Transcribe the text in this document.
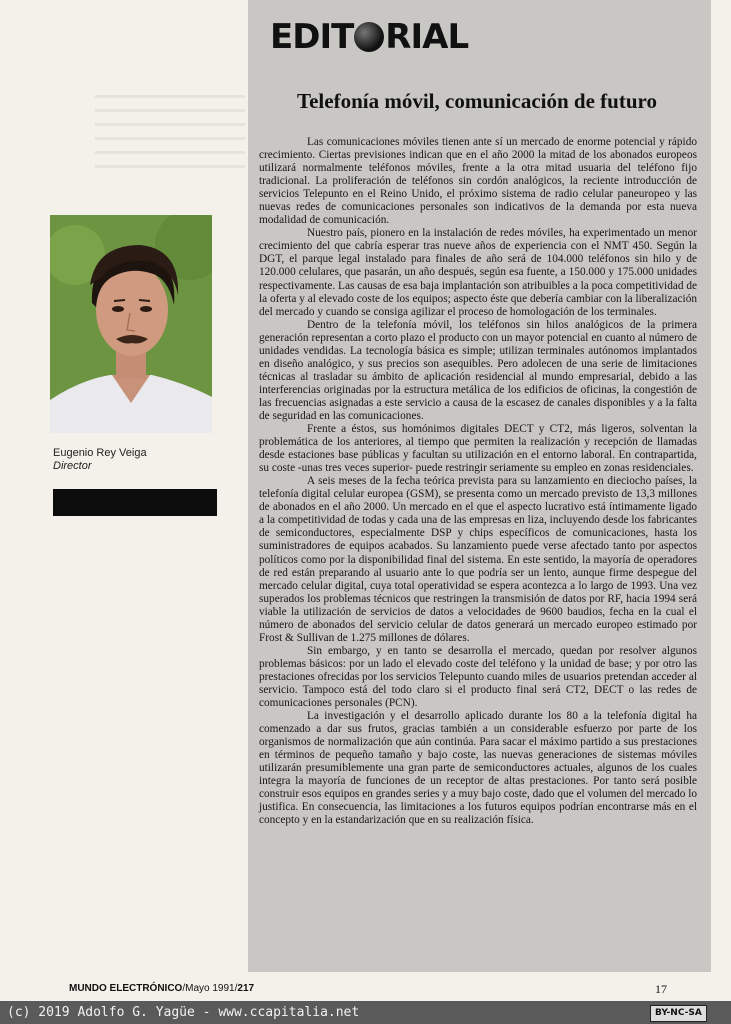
EDIT RIAL
Telefonía móvil, comunicación de futuro

Las comunicaciones móviles tienen ante sí un mercado de enorme potencial y rápido crecimiento. Ciertas previsiones indican que en el año 2000 la mitad de los abonados europeos utilizará normalmente teléfonos móviles, frente a la otra mitad usuaria del teléfono fijo tradicional. La proliferación de teléfonos sin cordón analógicos, la reciente introducción de servicios Telepunto en el Reino Unido, el próximo sistema de radio celular paneuropeo y las nuevas redes de comunicaciones personales son indicativos de la demanda por esta nueva modalidad de comunicación.

Nuestro país, pionero en la instalación de redes móviles, ha experimentado un menor crecimiento del que cabría esperar tras nueve años de experiencia con el NMT 450. Según la DGT, el parque legal instalado para finales de año será de 104.000 teléfonos sin hilo y de 120.000 celulares, que pasarán, un año después, según esa fuente, a 150.000 y 175.000 unidades respectivamente. Las causas de esa baja implantación son atribuibles a la poca competitividad de la oferta y al elevado coste de los equipos; aspecto éste que debería cambiar con la liberalización del mercado y cuando se consiga agilizar el proceso de homologación de los terminales.

Dentro de la telefonía móvil, los teléfonos sin hilos analógicos de la primera generación representan a corto plazo el producto con un mayor potencial en cuanto al número de unidades vendidas. La tecnología básica es simple; utilizan terminales autónomos implantados en diseño analógico, y sus precios son asequibles. Pero adolecen de una serie de limitaciones técnicas al trasladar su ámbito de aplicación residencial al mundo empresarial, debido a las interferencias originadas por la estructura metálica de los edificios de oficinas, la congestión de las frecuencias asignadas a este servicio a causa de la escasez de canales disponibles y a la falta de seguridad en las comunicaciones.

Frente a éstos, sus homónimos digitales DECT y CT2, más ligeros, solventan la problemática de los anteriores, al tiempo que permiten la realización y recepción de llamadas desde estaciones base públicas y facultan su utilización en el entorno laboral. En contrapartida, su coste -unas tres veces superior- puede restringir seriamente su empleo en zonas residenciales.

A seis meses de la fecha teórica prevista para su lanzamiento en dieciocho países, la telefonía digital celular europea (GSM), se presenta como un mercado previsto de 13,3 millones de abonados en el año 2000. Un mercado en el que el aspecto lucrativo está íntimamente ligado a la competitividad de todas y cada una de las empresas en liza, incluyendo desde los fabricantes de semiconductores, especialmente DSP y chips específicos de comunicaciones, hasta los suministradores de equipos acabados. Su lanzamiento puede verse afectado tanto por aspectos políticos como por la disponibilidad final del sistema. En este sentido, la mayoría de operadores de red están preparando al usuario ante lo que podría ser un lento, aunque firme despegue del mercado celular digital, cuya total operatividad se espera acontezca a lo largo de 1993. Una vez superados los problemas técnicos que restringen la transmisión de datos por RF, hacia 1994 será viable la utilización de servicios de datos a velocidades de 9600 baudios, fecha en la cual el número de abonados del servicio celular de datos generará un mercado europeo estimado por Frost & Sullivan de 1.275 millones de dólares.

Sin embargo, y en tanto se desarrolla el mercado, quedan por resolver algunos problemas básicos: por un lado el elevado coste del teléfono y la unidad de base; y por otro las prestaciones ofrecidas por los servicios Telepunto cuando miles de usuarios pretendan acceder al servicio. Tampoco está del todo claro si el producto final será CT2, DECT o las redes de comunicaciones personales (PCN).

La investigación y el desarrollo aplicado durante los 80 a la telefonía digital ha comenzado a dar sus frutos, gracias también a un considerable esfuerzo por parte de los organismos de normalización que aún continúa. Para sacar el máximo partido a sus prestaciones en términos de pequeño tamaño y bajo coste, las nuevas generaciones de sistemas móviles utilizarán presumiblemente una gran parte de semiconductores actuales, algunos de los cuales integra la mayoría de funciones de un receptor de altas prestaciones. Por tanto será posible construir esos equipos en grandes series y a muy bajo coste, dado que el volumen del mercado lo justifica. En consecuencia, las limitaciones a los futuros equipos podrían encontrarse más en el concepto y en la estandarización que en su realización física.

Eugenio Rey Veiga
Director
MUNDO ELECTRÓNICO/Mayo 1991/217	17
(c) 2019 Adolfo G. Yagüe - www.ccapitalia.net	BY-NC-SA
